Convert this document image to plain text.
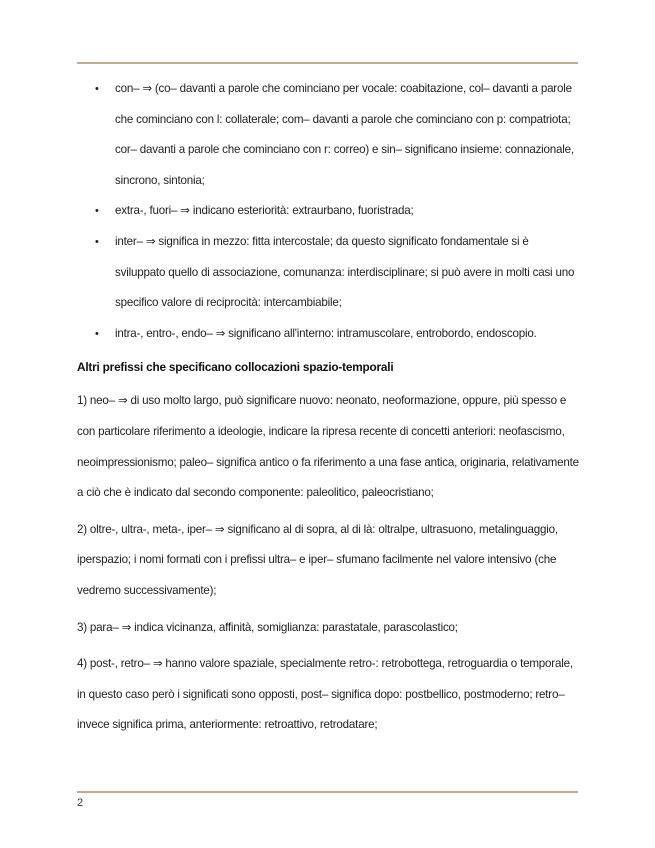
• con– ⇒ (co– davanti a parole che cominciano per vocale: coabitazione, col– davanti a parole che cominciano con l: collaterale; com– davanti a parole che cominciano con p: compatriota; cor– davanti a parole che cominciano con r: correo) e sin– significano insieme: connazionale, sincrono, sintonia;
• extra-, fuori– ⇒ indicano esteriorità: extraurbano, fuoristrada;
• inter– ⇒ significa in mezzo: fitta intercostale; da questo significato fondamentale si è sviluppato quello di associazione, comunanza: interdisciplinare; si può avere in molti casi uno specifico valore di reciprocità: intercambiabile;
• intra-, entro-, endo– ⇒ significano all'interno: intramuscolare, entrobordo, endoscopio.
Altri prefissi che specificano collocazioni spazio-temporali

1) neo– ⇒ di uso molto largo, può significare nuovo: neonato, neoformazione, oppure, più spesso e con particolare riferimento a ideologie, indicare la ripresa recente di concetti anteriori: neofascismo, neoimpressionismo; paleo– significa antico o fa riferimento a una fase antica, originaria, relativamente a ciò che è indicato dal secondo componente: paleolitico, paleocristiano;

2) oltre-, ultra-, meta-, iper– ⇒ significano al di sopra, al di là: oltralpe, ultrasuono, metalinguaggio, iperspazio; i nomi formati con i prefissi ultra– e iper– sfumano facilmente nel valore intensivo (che vedremo successivamente);

3) para– ⇒ indica vicinanza, affinità, somiglianza: parastatale, parascolastico;

4) post-, retro– ⇒ hanno valore spaziale, specialmente retro-: retrobottega, retroguardia o temporale, in questo caso però i significati sono opposti, post– significa dopo: postbellico, postmoderno; retro– invece significa prima, anteriormente: retroattivo, retrodatare;

2
